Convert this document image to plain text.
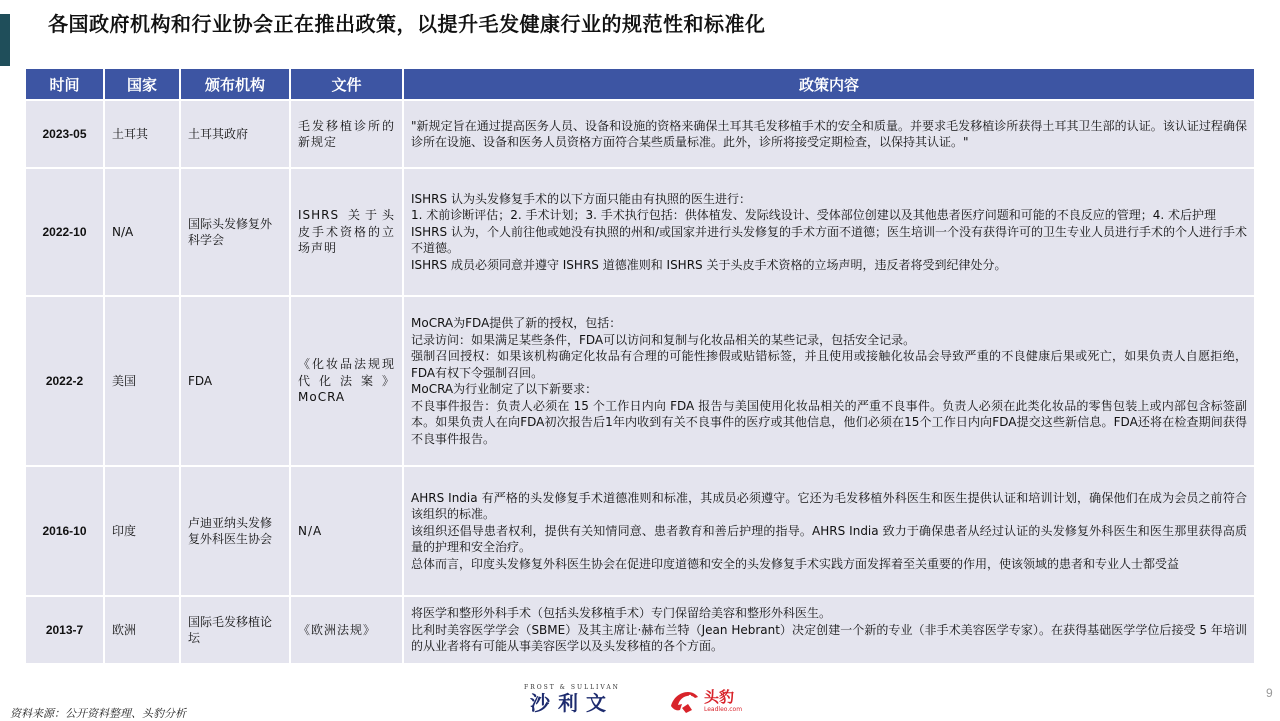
各国政府机构和行业协会正在推出政策，以提升毛发健康行业的规范性和标准化
时间	国家	颁布机构	文件	政策内容
2023-05	土耳其	土耳其政府	毛发移植诊所的新规定	"新规定旨在通过提高医务人员、设备和设施的资格来确保土耳其毛发移植手术的安全和质量。并要求毛发移植诊所获得土耳其卫生部的认证。该认证过程确保诊所在设施、设备和医务人员资格方面符合某些质量标准。此外，诊所将接受定期检查，以保持其认证。"

2022-10	N/A	国际头发修复外科学会	ISHRS 关于头皮手术资格的立场声明	ISHRS 认为头发修复手术的以下方面只能由有执照的医生进行：
1. 术前诊断评估；2. 手术计划；3. 手术执行包括：供体植发、发际线设计、受体部位创建以及其他患者医疗问题和可能的不良反应的管理；4. 术后护理
ISHRS 认为，个人前往他或她没有执照的州和/或国家并进行头发修复的手术方面不道德；医生培训一个没有获得许可的卫生专业人员进行手术的个人进行手术不道德。
ISHRS 成员必须同意并遵守 ISHRS 道德准则和 ISHRS 关于头皮手术资格的立场声明，违反者将受到纪律处分。

2022-2	美国	FDA	《化妆品法规现代化法案》MoCRA	MoCRA为FDA提供了新的授权，包括：
记录访问：如果满足某些条件，FDA可以访问和复制与化妆品相关的某些记录，包括安全记录。
强制召回授权：如果该机构确定化妆品有合理的可能性掺假或贴错标签，并且使用或接触化妆品会导致严重的不良健康后果或死亡，如果负责人自愿拒绝，FDA有权下令强制召回。
MoCRA为行业制定了以下新要求：
不良事件报告：负责人必须在 15 个工作日内向 FDA 报告与美国使用化妆品相关的严重不良事件。负责人必须在此类化妆品的零售包装上或内部包含标签副本。如果负责人在向FDA初次报告后1年内收到有关不良事件的医疗或其他信息，他们必须在15个工作日内向FDA提交这些新信息。FDA还将在检查期间获得不良事件报告。

2016-10	印度	卢迪亚纳头发修复外科医生协会	N/A	AHRS India 有严格的头发修复手术道德准则和标准，其成员必须遵守。它还为毛发移植外科医生和医生提供认证和培训计划，确保他们在成为会员之前符合该组织的标准。
该组织还倡导患者权利，提供有关知情同意、患者教育和善后护理的指导。AHRS India 致力于确保患者从经过认证的头发修复外科医生和医生那里获得高质量的护理和安全治疗。
总体而言，印度头发修复外科医生协会在促进印度道德和安全的头发修复手术实践方面发挥着至关重要的作用，使该领域的患者和专业人士都受益

2013-7	欧洲	国际毛发移植论坛	《欧洲法规》	将医学和整形外科手术（包括头发移植手术）专门保留给美容和整形外科医生。
比利时美容医学学会（SBME）及其主席让·赫布兰特（Jean Hebrant）决定创建一个新的专业（非手术美容医学专家）。在获得基础医学学位后接受 5 年培训的从业者将有可能从事美容医学以及头发移植的各个方面。
资料来源：公开资料整理、头豹分析
FROST & SULLIVAN
沙利文	头豹
Leadleo.com
9
